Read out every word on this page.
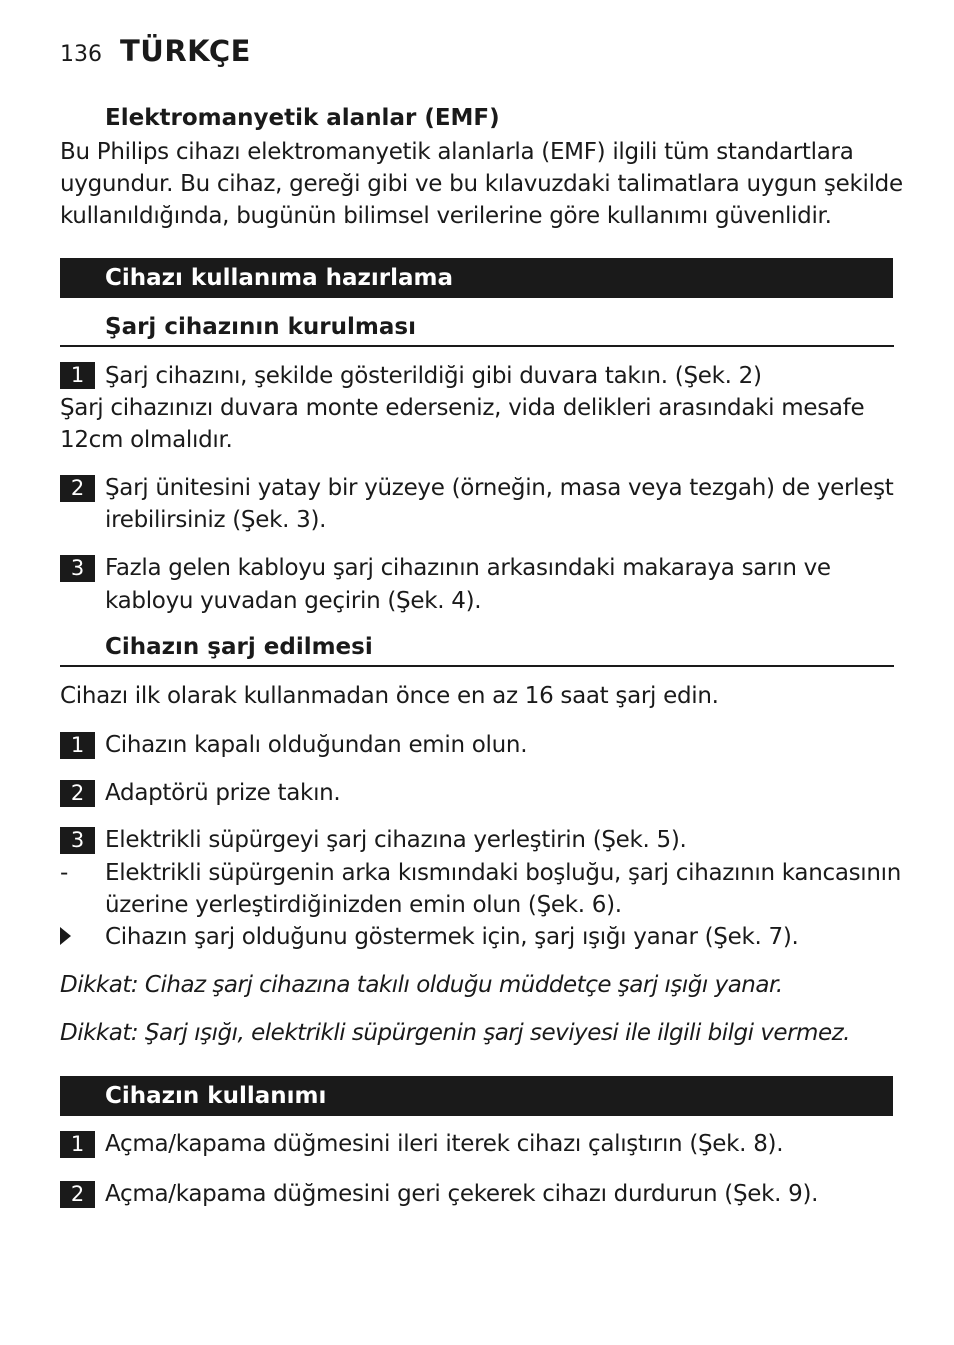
136 TÜRKÇE
Elektromanyetik alanlar (EMF)
Bu Philips cihazı elektromanyetik alanlarla (EMF) ilgili tüm standartlara
uygundur. Bu cihaz, gereği gibi ve bu kılavuzdaki talimatlara uygun şekilde
kullanıldığında, bugünün bilimsel verilerine göre kullanımı güvenlidir.
Cihazı kullanıma hazırlama
Şarj cihazının kurulması
1 Şarj cihazını, şekilde gösterildiği gibi duvara takın. (Şek. 2)
Şarj cihazınızı duvara monte ederseniz, vida delikleri arasındaki mesafe
12cm olmalıdır.
2 Şarj ünitesini yatay bir yüzeye (örneğin, masa veya tezgah) de yerleşt
irebilirsiniz (Şek. 3).
3 Fazla gelen kabloyu şarj cihazının arkasındaki makaraya sarın ve
kabloyu yuvadan geçirin (Şek. 4).
Cihazın şarj edilmesi
Cihazı ilk olarak kullanmadan önce en az 16 saat şarj edin.
1 Cihazın kapalı olduğundan emin olun.
2 Adaptörü prize takın.
3 Elektrikli süpürgeyi şarj cihazına yerleştirin (Şek. 5).
- Elektrikli süpürgenin arka kısmındaki boşluğu, şarj cihazının kancasının
üzerine yerleştirdiğinizden emin olun (Şek. 6).
Cihazın şarj olduğunu göstermek için, şarj ışığı yanar (Şek. 7).
Dikkat: Cihaz şarj cihazına takılı olduğu müddetçe şarj ışığı yanar.
Dikkat: Şarj ışığı, elektrikli süpürgenin şarj seviyesi ile ilgili bilgi vermez.
Cihazın kullanımı
1 Açma/kapama düğmesini ileri iterek cihazı çalıştırın (Şek. 8).
2 Açma/kapama düğmesini geri çekerek cihazı durdurun (Şek. 9).
